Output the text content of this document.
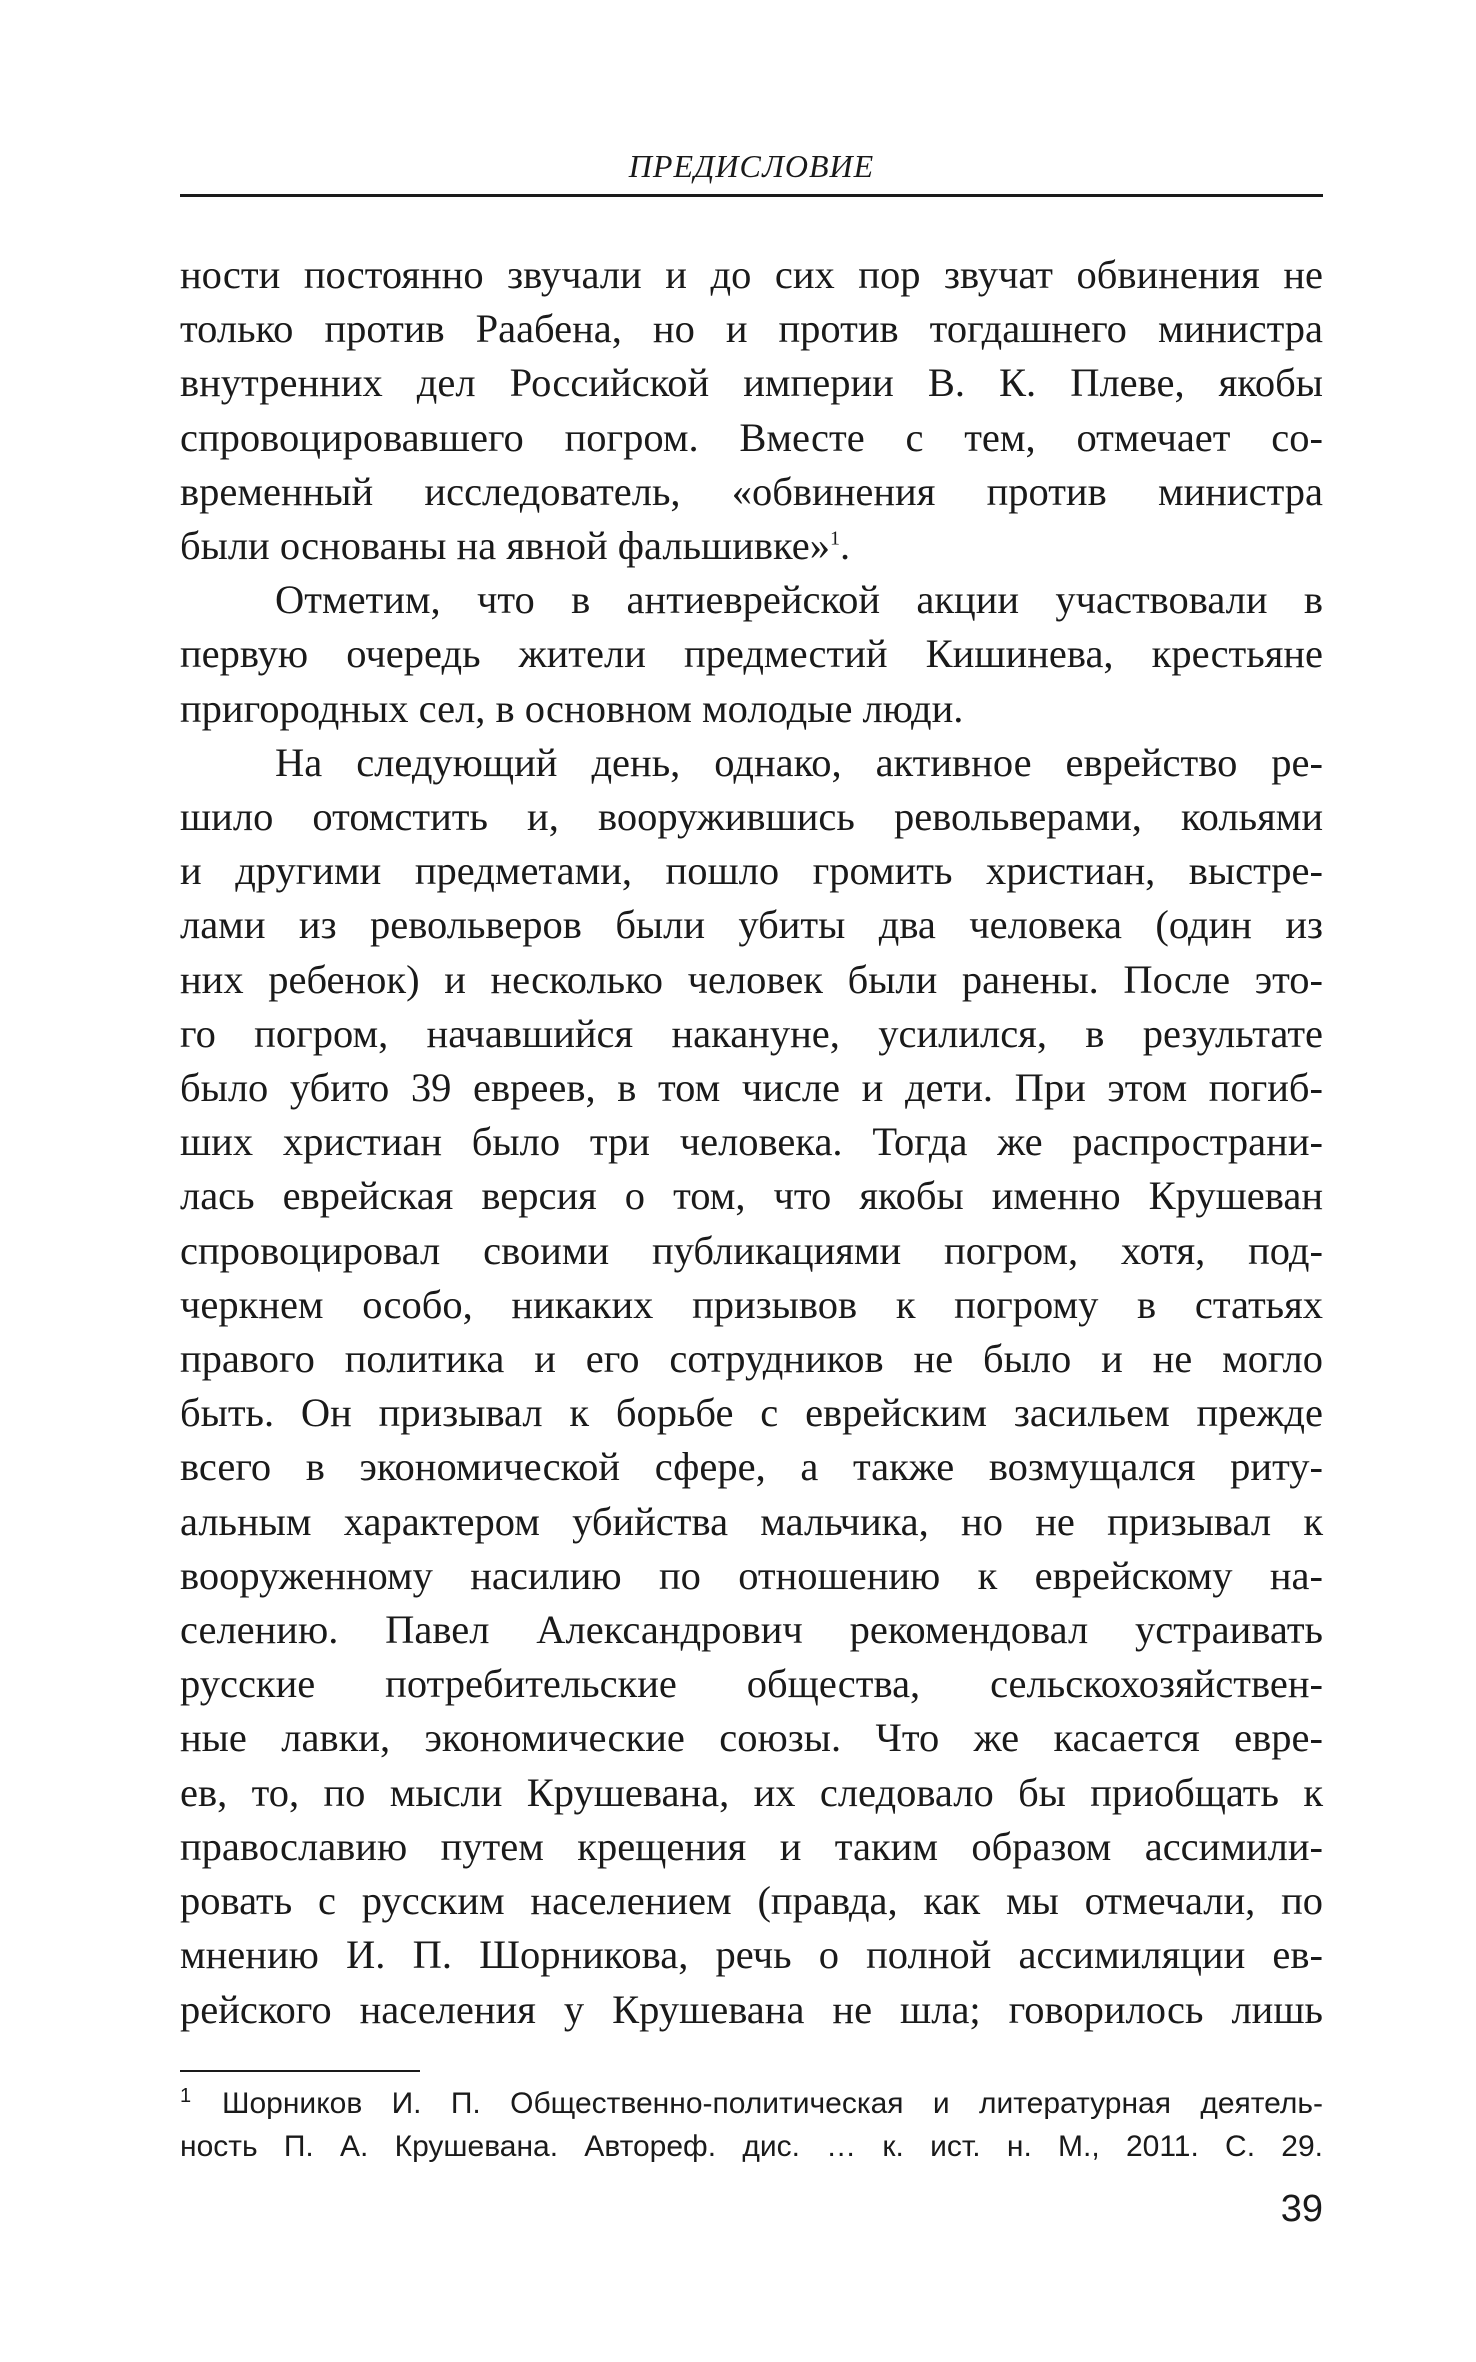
ПРЕДИСЛОВИЕ
ности постоянно звучали и до сих пор звучат обвинения не
только против Раабена, но и против тогдашнего министра
внутренних дел Российской империи В. К. Плеве, якобы
спровоцировавшего погром. Вместе с тем, отмечает со-
временный исследователь, «обвинения против министра
были основаны на явной фальшивке»$^1$.
Отметим, что в антиеврейской акции участвовали в
первую очередь жители предместий Кишинева, крестьяне
пригородных сел, в основном молодые люди.
На следующий день, однако, активное еврейство ре-
шило отомстить и, вооружившись револьверами, кольями
и другими предметами, пошло громить христиан, выстре-
лами из револьверов были убиты два человека (один из
них ребенок) и несколько человек были ранены. После это-
го погром, начавшийся накануне, усилился, в результате
было убито 39 евреев, в том числе и дети. При этом погиб-
ших христиан было три человека. Тогда же распространи-
лась еврейская версия о том, что якобы именно Крушеван
спровоцировал своими публикациями погром, хотя, под-
черкнем особо, никаких призывов к погрому в статьях
правого политика и его сотрудников не было и не могло
быть. Он призывал к борьбе с еврейским засильем прежде
всего в экономической сфере, а также возмущался риту-
альным характером убийства мальчика, но не призывал к
вооруженному насилию по отношению к еврейскому на-
селению. Павел Александрович рекомендовал устраивать
русские потребительские общества, сельскохозяйствен-
ные лавки, экономические союзы. Что же касается евре-
ев, то, по мысли Крушевана, их следовало бы приобщать к
православию путем крещения и таким образом ассимили-
ровать с русским населением (правда, как мы отмечали, по
мнению И. П. Шорникова, речь о полной ассимиляции ев-
рейского населения у Крушевана не шла; говорилось лишь
1 Шорников И. П. Общественно-политическая и литературная деятель-
ность П. А. Крушевана. Автореф. дис. … к. ист. н. М., 2011. С. 29.
39
